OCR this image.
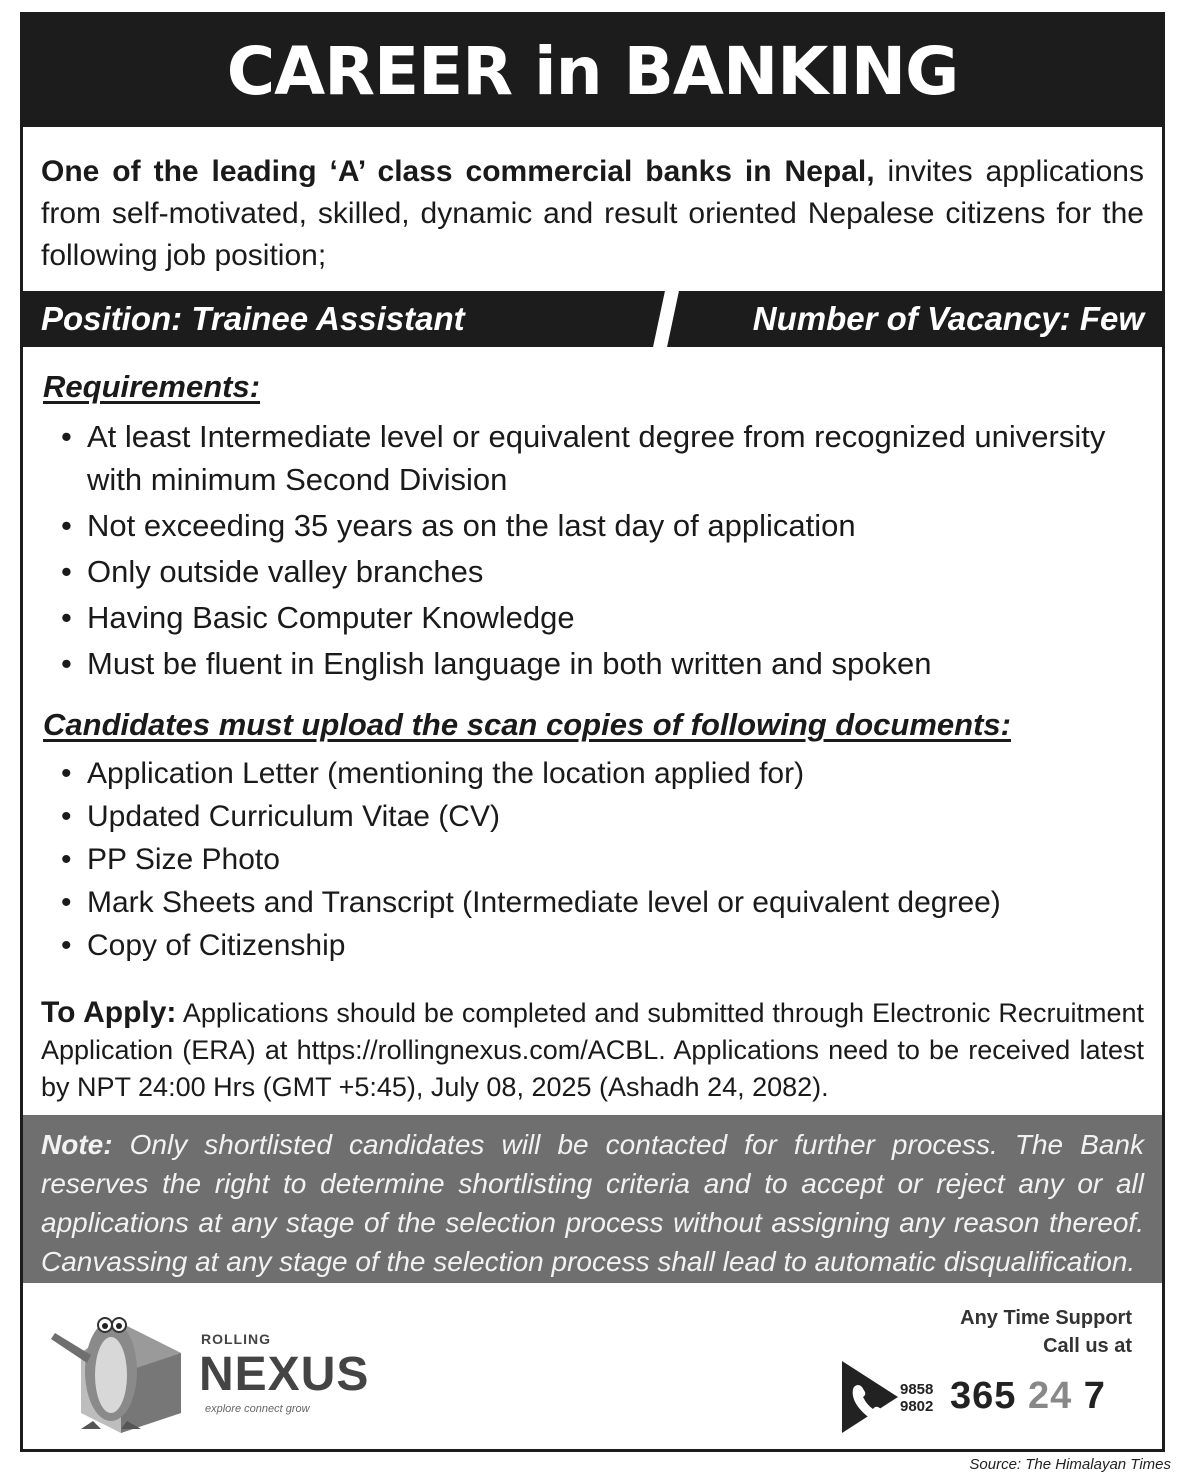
CAREER in BANKING

One of the leading ‘A’ class commercial banks in Nepal, invites applications from self-motivated, skilled, dynamic and result oriented Nepalese citizens for the following job position;

Position: Trainee Assistant	Number of Vacancy: Few
Requirements:
• At least Intermediate level or equivalent degree from recognized university with minimum Second Division
• Not exceeding 35 years as on the last day of application
• Only outside valley branches
• Having Basic Computer Knowledge
• Must be fluent in English language in both written and spoken
Candidates must upload the scan copies of following documents:
• Application Letter (mentioning the location applied for)
• Updated Curriculum Vitae (CV)
• PP Size Photo
• Mark Sheets and Transcript (Intermediate level or equivalent degree)
• Copy of Citizenship

To Apply: Applications should be completed and submitted through Electronic Recruitment Application (ERA) at https://rollingnexus.com/ACBL. Applications need to be received latest by NPT 24:00 Hrs (GMT +5:45), July 08, 2025 (Ashadh 24, 2082).

Note: Only shortlisted candidates will be contacted for further process. The Bank reserves the right to determine shortlisting criteria and to accept or reject any or all applications at any stage of the selection process without assigning any reason thereof. Canvassing at any stage of the selection process shall lead to automatic disqualification.
ROLLING
NEXUS
explore connect grow
Any Time Support
Call us at
9858
9802 365 24 7
Source: The Himalayan Times
